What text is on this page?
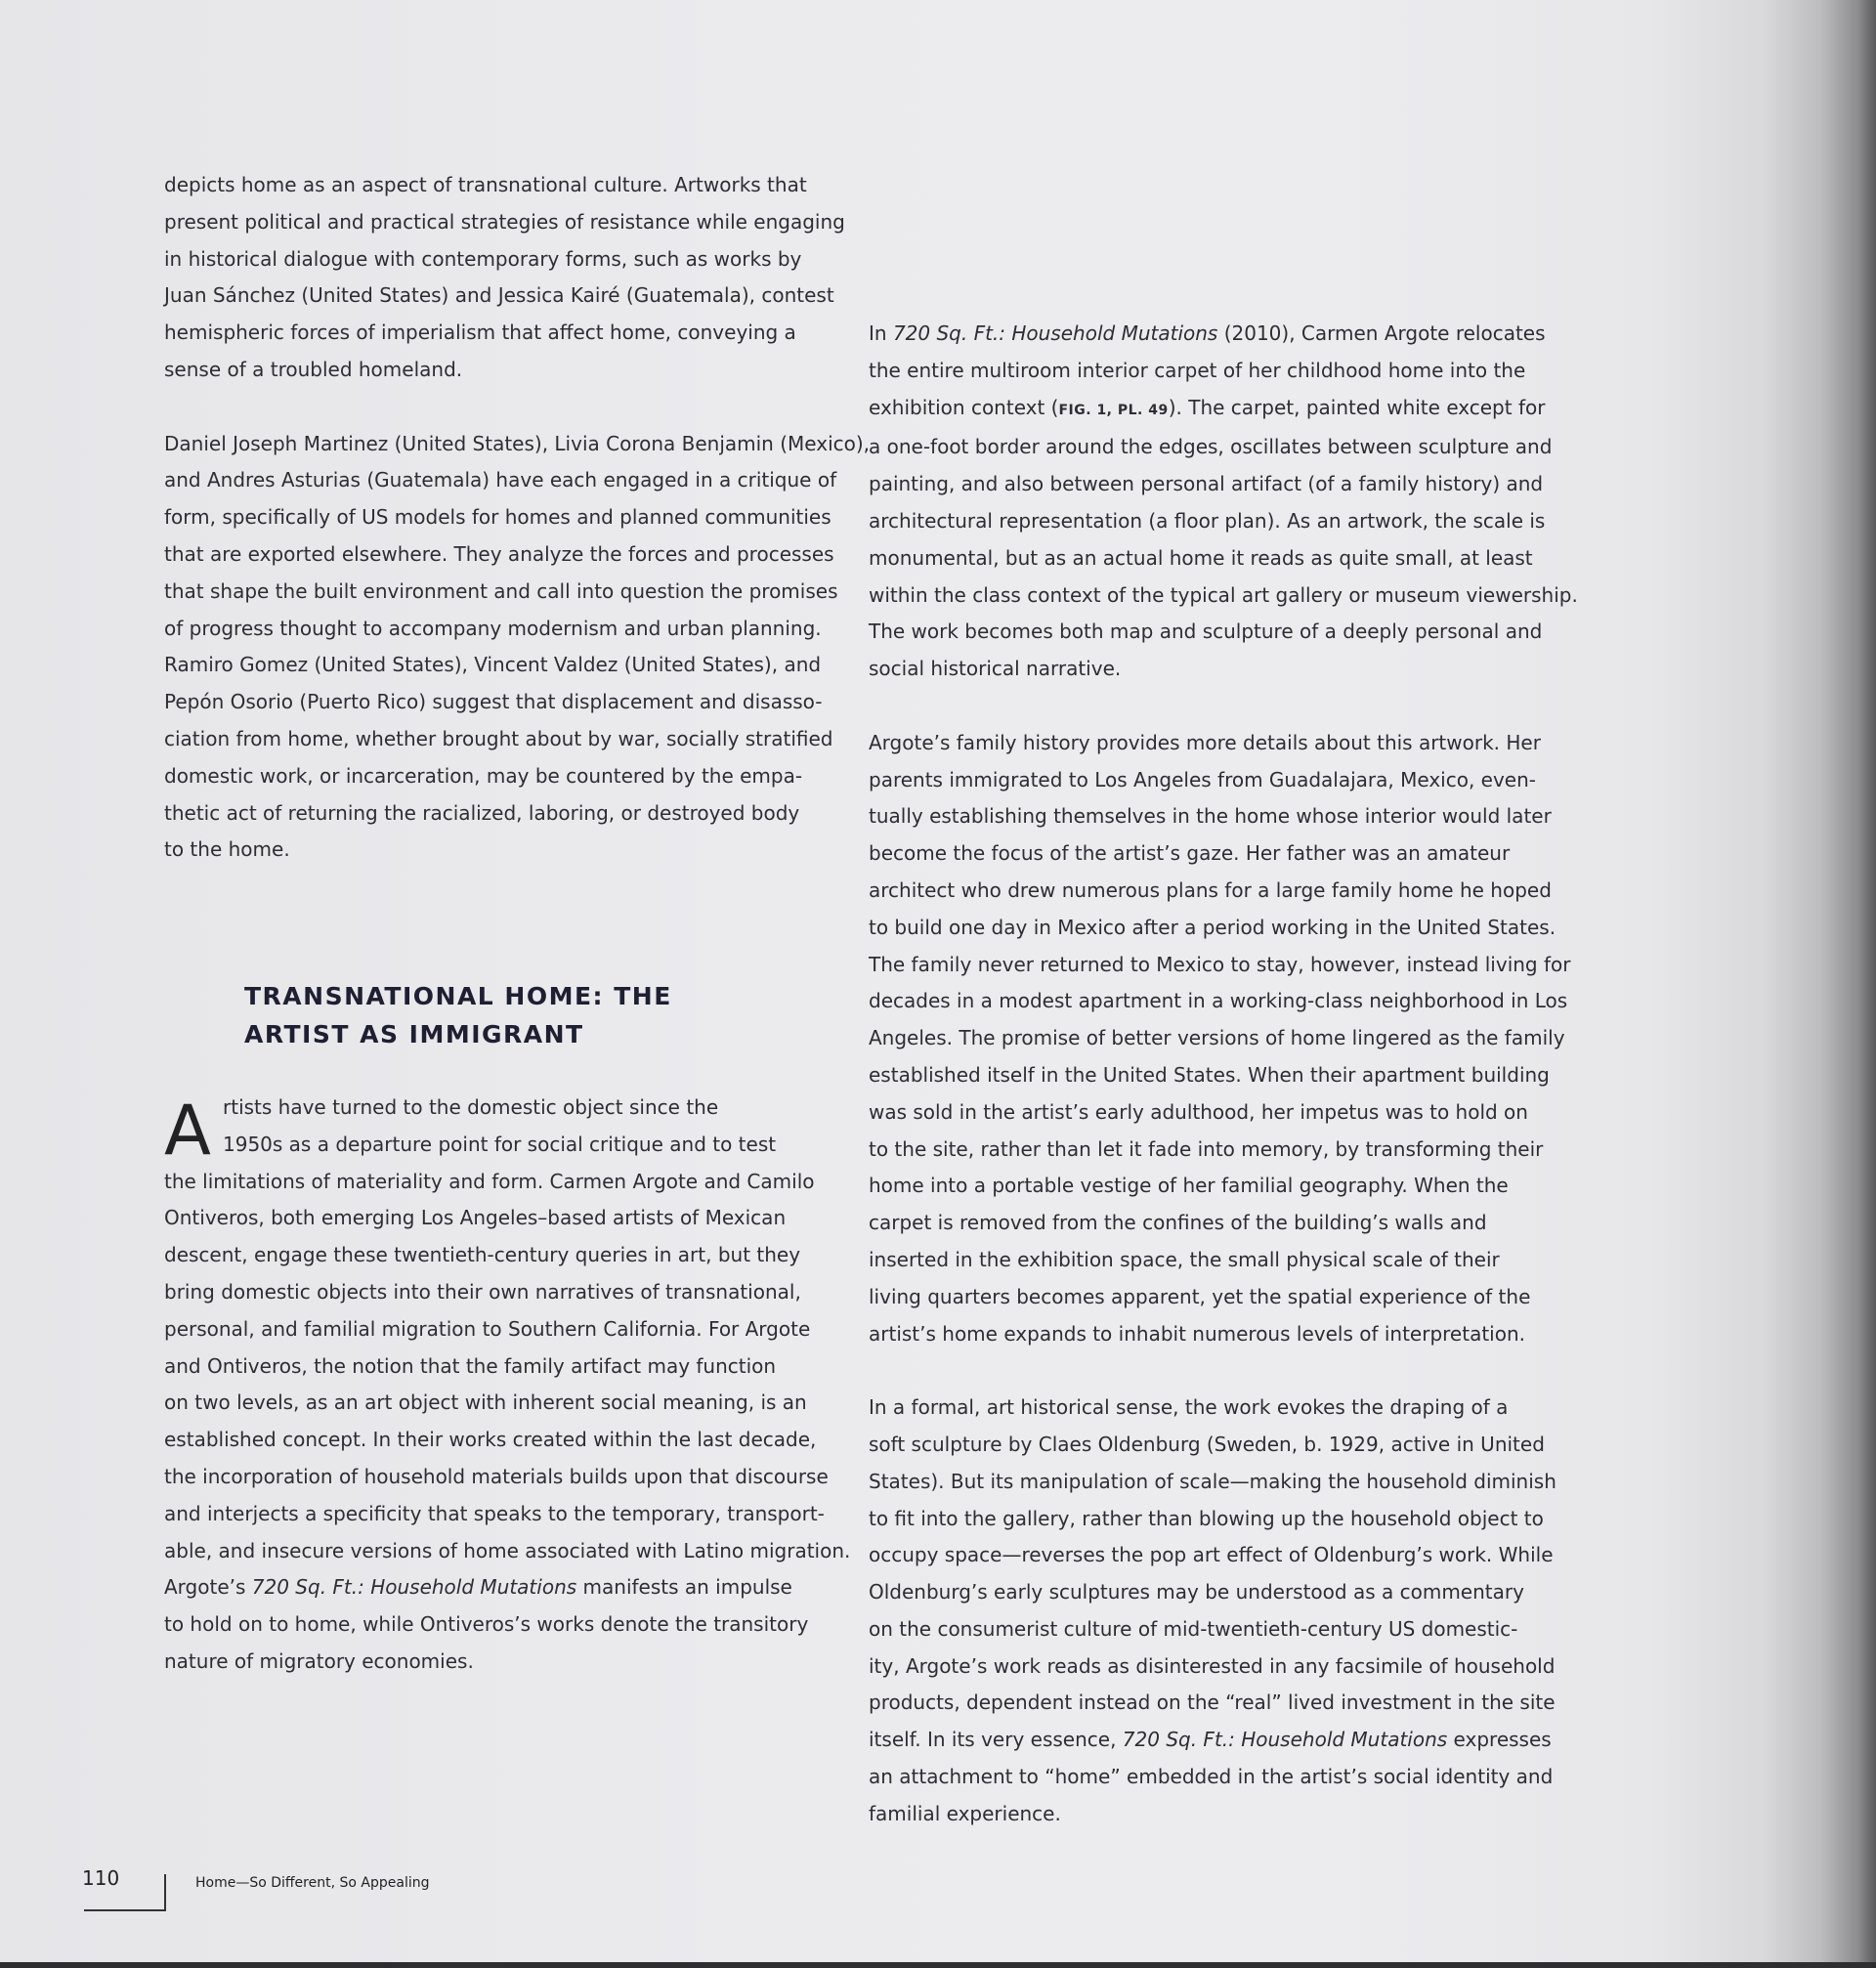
depicts home as an aspect of transnational culture. Artworks that

present political and practical strategies of resistance while engaging

in historical dialogue with contemporary forms, such as works by

Juan Sánchez (United States) and Jessica Kairé (Guatemala), contest

hemispheric forces of imperialism that affect home, conveying a

sense of a troubled homeland.

Daniel Joseph Martinez (United States), Livia Corona Benjamin (Mexico),

and Andres Asturias (Guatemala) have each engaged in a critique of

form, specifically of US models for homes and planned communities

that are exported elsewhere. They analyze the forces and processes

that shape the built environment and call into question the promises

of progress thought to accompany modernism and urban planning.

Ramiro Gomez (United States), Vincent Valdez (United States), and

Pepón Osorio (Puerto Rico) suggest that displacement and disasso-

ciation from home, whether brought about by war, socially stratified

domestic work, or incarceration, may be countered by the empa-

thetic act of returning the racialized, laboring, or destroyed body

to the home.

TRANSNATIONAL HOME: THE
ARTIST AS IMMIGRANT
A rtists have turned to the domestic object since the

1950s as a departure point for social critique and to test

the limitations of materiality and form. Carmen Argote and Camilo

Ontiveros, both emerging Los Angeles–based artists of Mexican

descent, engage these twentieth-century queries in art, but they

bring domestic objects into their own narratives of transnational,

personal, and familial migration to Southern California. For Argote

and Ontiveros, the notion that the family artifact may function

on two levels, as an art object with inherent social meaning, is an

established concept. In their works created within the last decade,

the incorporation of household materials builds upon that discourse

and interjects a specificity that speaks to the temporary, transport-

able, and insecure versions of home associated with Latino migration.

Argote’s 720 Sq. Ft.: Household Mutations manifests an impulse

to hold on to home, while Ontiveros’s works denote the transitory

nature of migratory economies.

In 720 Sq. Ft.: Household Mutations (2010), Carmen Argote relocates

the entire multiroom interior carpet of her childhood home into the

exhibition context (FIG. 1, PL. 49). The carpet, painted white except for

a one-foot border around the edges, oscillates between sculpture and

painting, and also between personal artifact (of a family history) and

architectural representation (a floor plan). As an artwork, the scale is

monumental, but as an actual home it reads as quite small, at least

within the class context of the typical art gallery or museum viewership.

The work becomes both map and sculpture of a deeply personal and

social historical narrative.

Argote’s family history provides more details about this artwork. Her

parents immigrated to Los Angeles from Guadalajara, Mexico, even-

tually establishing themselves in the home whose interior would later

become the focus of the artist’s gaze. Her father was an amateur

architect who drew numerous plans for a large family home he hoped

to build one day in Mexico after a period working in the United States.

The family never returned to Mexico to stay, however, instead living for

decades in a modest apartment in a working-class neighborhood in Los

Angeles. The promise of better versions of home lingered as the family

established itself in the United States. When their apartment building

was sold in the artist’s early adulthood, her impetus was to hold on

to the site, rather than let it fade into memory, by transforming their

home into a portable vestige of her familial geography. When the

carpet is removed from the confines of the building’s walls and

inserted in the exhibition space, the small physical scale of their

living quarters becomes apparent, yet the spatial experience of the

artist’s home expands to inhabit numerous levels of interpretation.

In a formal, art historical sense, the work evokes the draping of a

soft sculpture by Claes Oldenburg (Sweden, b. 1929, active in United

States). But its manipulation of scale—making the household diminish

to fit into the gallery, rather than blowing up the household object to

occupy space—reverses the pop art effect of Oldenburg’s work. While

Oldenburg’s early sculptures may be understood as a commentary

on the consumerist culture of mid-twentieth-century US domestic-

ity, Argote’s work reads as disinterested in any facsimile of household

products, dependent instead on the “real” lived investment in the site

itself. In its very essence, 720 Sq. Ft.: Household Mutations expresses

an attachment to “home” embedded in the artist’s social identity and

familial experience.

110	Home—So Different, So Appealing
